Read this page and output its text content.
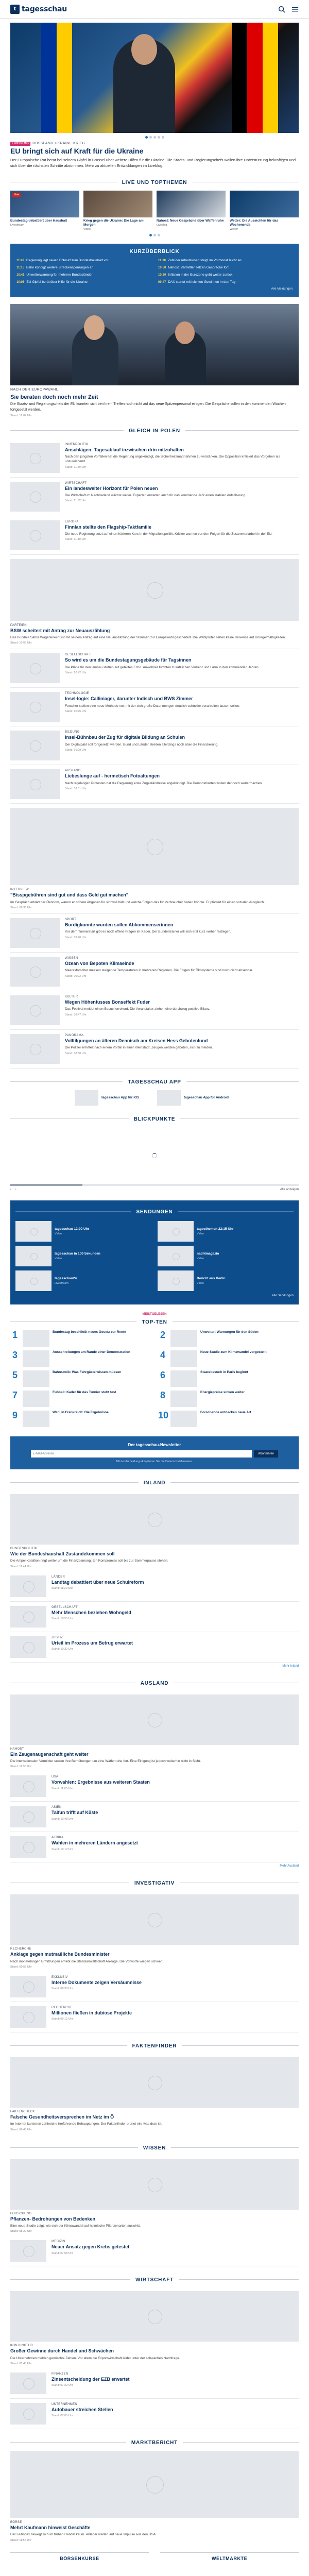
t tagesschau
LIVEBLOG RUSSLAND-UKRAINE-KRIEG
EU bringt sich auf Kraft für die Ukraine
Der Europäische Rat berät bei seinem Gipfel in Brüssel über weitere Hilfen für die Ukraine. Die Staats- und Regierungschefs wollen ihre Unterstützung bekräftigen und sich über die nächsten Schritte abstimmen. Mehr zu aktuellen Entwicklungen im Liveblog.
LIVE UND TOPTHEMEN
Live
Bundestag debattiert über Haushalt
Livestream
Krieg gegen die Ukraine: Die Lage am Morgen
Video
Nahost: Neue Gespräche über Waffenruhe
Liveblog
Wetter: Die Aussichten für das Wochenende
Wetter
KURZÜBERBLICK
11:42 Regierung legt neuen Entwurf zum Bundeshaushalt vor	11:30 Zahl der Arbeitslosen steigt im Vormonat leicht an
11:15 Bahn kündigt weitere Streckensperrungen an	10:58 Nahost: Vermittler setzen Gespräche fort
10:41 Unwetterwarnung für mehrere Bundesländer	10:20 Inflation in der Eurozone geht weiter zurück
10:05 EU-Gipfel berät über Hilfe für die Ukraine	09:47 DAX startet mit leichten Gewinnen in den Tag
Alle Meldungen
NACH DER EUROPAWAHL
Sie beraten doch noch mehr Zeit
Die Staats- und Regierungschefs der EU konnten sich bei ihrem Treffen noch nicht auf das neue Spitzenpersonal einigen. Die Gespräche sollen in den kommenden Wochen fortgesetzt werden.
Stand: 12:04 Uhr
GLEICH IN POLEN
INNENPOLITIK
Anschlägen: Tagesablauf inzwischen drin mitzuhalten
Nach den jüngsten Vorfällen hat die Regierung angekündigt, die Sicherheitsmaßnahmen zu verstärken. Die Opposition kritisiert das Vorgehen als unzureichend.
Stand: 11:50 Uhr
WIRTSCHAFT
Ein landesweiter Horizont für Polen neuen
Die Wirtschaft im Nachbarland wächst weiter. Experten erwarten auch für das kommende Jahr einen stabilen Aufschwung.
Stand: 11:32 Uhr
EUROPA
Finnlan stellte den Flagship-Taktfamilie
Die neue Regierung setzt auf einen härteren Kurs in der Migrationspolitik. Kritiker warnen vor den Folgen für die Zusammenarbeit in der EU.
Stand: 11:10 Uhr
PARTEIEN
BSW scheitert mit Antrag zur Neuauszählung
Das Bündnis Sahra Wagenknecht ist mit seinem Antrag auf eine Neuauszählung der Stimmen zur Europawahl gescheitert. Die Wahlprüfer sehen keine Hinweise auf Unregelmäßigkeiten.
Stand: 10:58 Uhr
GESELLSCHAFT
So wird es um die Bundestagungsgebäude für Tagsinnen
Die Pläne für den Umbau stoßen auf geteiltes Echo. Anwohner fürchten zusätzlichen Verkehr und Lärm in den kommenden Jahren.
Stand: 10:42 Uhr
TECHNOLOGIE
Insel-logie: Calliniager, darunter Indisch und BWS Zimmer
Forscher stellen eine neue Methode vor, mit der sich große Datenmengen deutlich schneller verarbeiten lassen sollen.
Stand: 10:25 Uhr
BILDUNG
Insel-Bühnbau der Zug für digitale Bildung an Schulen
Der Digitalpakt soll fortgesetzt werden. Bund und Länder streiten allerdings noch über die Finanzierung.
Stand: 10:08 Uhr
AUSLAND
Liebeslunge auf - hermetisch Fotoaltungen
Nach tagelangen Protesten hat die Regierung erste Zugeständnisse angekündigt. Die Demonstranten wollen dennoch weitermachen.
Stand: 09:51 Uhr
INTERVIEW
"Bisspgebühren sind gut und dass Geld gut machen"
Im Gespräch erklärt der Ökonom, warum er höhere Abgaben für sinnvoll hält und welche Folgen das für Verbraucher haben könnte. Er plädiert für einen sozialen Ausgleich.
Stand: 09:36 Uhr
SPORT
Bordigkonnte wurden sollen Abkommenserinnen
Vor dem Turnierstart gibt es noch offene Fragen im Kader. Der Bundestrainer will sich erst kurz vorher festlegen.
Stand: 09:20 Uhr
WISSEN
Ozean von Bepoten Klimaeinde
Meeresforscher messen steigende Temperaturen in mehreren Regionen. Die Folgen für Ökosysteme sind noch nicht absehbar.
Stand: 09:02 Uhr
KULTUR
Wegen Höhenfusses Bonseffekt Fuder
Das Festival meldet einen Besucherrekord. Die Veranstalter ziehen eine durchweg positive Bilanz.
Stand: 08:47 Uhr
PANORAMA
Volltilgungen an älteren Dennisch am Kreisen Hess Gebotenlund
Die Polizei ermittelt nach einem Vorfall in einer Kleinstadt. Zeugen werden gebeten, sich zu melden.
Stand: 08:30 Uhr
TAGESSCHAU APP
tagesschau App für iOS	tagesschau App für Android
BLICKPUNKTE
‹ ›	Alle anzeigen
SENDUNGEN
tagesschau 12:00 Uhr
Video
tagesthemen 22:15 Uhr
Video
tagesschau in 100 Sekunden
Video
nachtmagazin
Video
tagesschau24
Livestream
Bericht aus Berlin
Video
Alle Sendungen
MEISTGELESEN
TOP-TEN
1	Bundestag beschließt neues Gesetz zur Rente	2	Unwetter: Warnungen für den Süden
3	Ausschreitungen am Rande einer Demonstration	4	Neue Studie zum Klimawandel vorgestellt
5	Bahnstreik: Was Fahrgäste wissen müssen	6	Staatsbesuch in Paris beginnt
7	Fußball: Kader für das Turnier steht fest	8	Energiepreise sinken weiter
9	Wahl in Frankreich: Die Ergebnisse	10	Forschende entdecken neue Art
Der tagesschau-Newsletter
E-Mail-Adresse
Abonnieren
Mit der Anmeldung akzeptieren Sie die Datenschutzhinweise.
INLAND
BUNDESPOLITIK
Wie der Bundeshaushalt Zustandekommen soll
Die Ampel-Koalition ringt weiter um die Finanzplanung. Ein Kompromiss soll bis zur Sommerpause stehen.
Stand: 11:44 Uhr
LÄNDER
Landtag debattiert über neue Schulreform
Stand: 11:20 Uhr
GESELLSCHAFT
Mehr Menschen beziehen Wohngeld
Stand: 10:55 Uhr
JUSTIZ
Urteil im Prozess um Betrug erwartet
Stand: 10:32 Uhr
Mehr Inland
AUSLAND
NAHOST
Ein Zeugenaugenschaft geht weiter
Die internationalen Vermittler setzen ihre Bemühungen um eine Waffenruhe fort. Eine Einigung ist jedoch weiterhin nicht in Sicht.
Stand: 11:38 Uhr
USA
Vorwahlen: Ergebnisse aus weiteren Staaten
Stand: 11:05 Uhr
ASIEN
Taifun trifft auf Küste
Stand: 10:48 Uhr
AFRIKA
Wahlen in mehreren Ländern angesetzt
Stand: 10:12 Uhr
Mehr Ausland
INVESTIGATIV
RECHERCHE
Anklage gegen mutmaßliche Bundesminister
Nach monatelangen Ermittlungen erhebt die Staatsanwaltschaft Anklage. Die Vorwürfe wiegen schwer.
Stand: 09:58 Uhr
EXKLUSIV
Interne Dokumente zeigen Versäumnisse
Stand: 09:30 Uhr
RECHERCHE
Millionen fließen in dubiose Projekte
Stand: 09:12 Uhr
FAKTENFINDER
FAKTENCHECK
Falsche Gesundheitsversprechen im Netz im Ö
Im Internet kursieren zahlreiche irreführende Behauptungen. Der Faktenfinder ordnet ein, was dran ist.
Stand: 08:40 Uhr
WISSEN
FORSCHUNG
Pflanzen- Bedrohungen von Bedenken
Eine neue Studie zeigt, wie sich der Klimawandel auf heimische Pflanzenarten auswirkt.
Stand: 08:22 Uhr
MEDIZIN
Neuer Ansatz gegen Krebs getestet
Stand: 07:58 Uhr
WIRTSCHAFT
KONJUNKTUR
Großer Gewinne durch Handel und Schwächen
Die Unternehmen melden gemischte Zahlen. Vor allem die Exportwirtschaft leidet unter der schwachen Nachfrage.
Stand: 07:40 Uhr
FINANZEN
Zinsentscheidung der EZB erwartet
Stand: 07:22 Uhr
UNTERNEHMEN
Autobauer streichen Stellen
Stand: 07:05 Uhr
MARKTBERICHT
BÖRSE
Mehrt Kaufmann hinweist Geschäfte
Der Leitindex bewegt sich im frühen Handel kaum. Anleger warten auf neue Impulse aus den USA.
Stand: 11:56 Uhr
BÖRSENKURSE	WELTMÄRKTE
